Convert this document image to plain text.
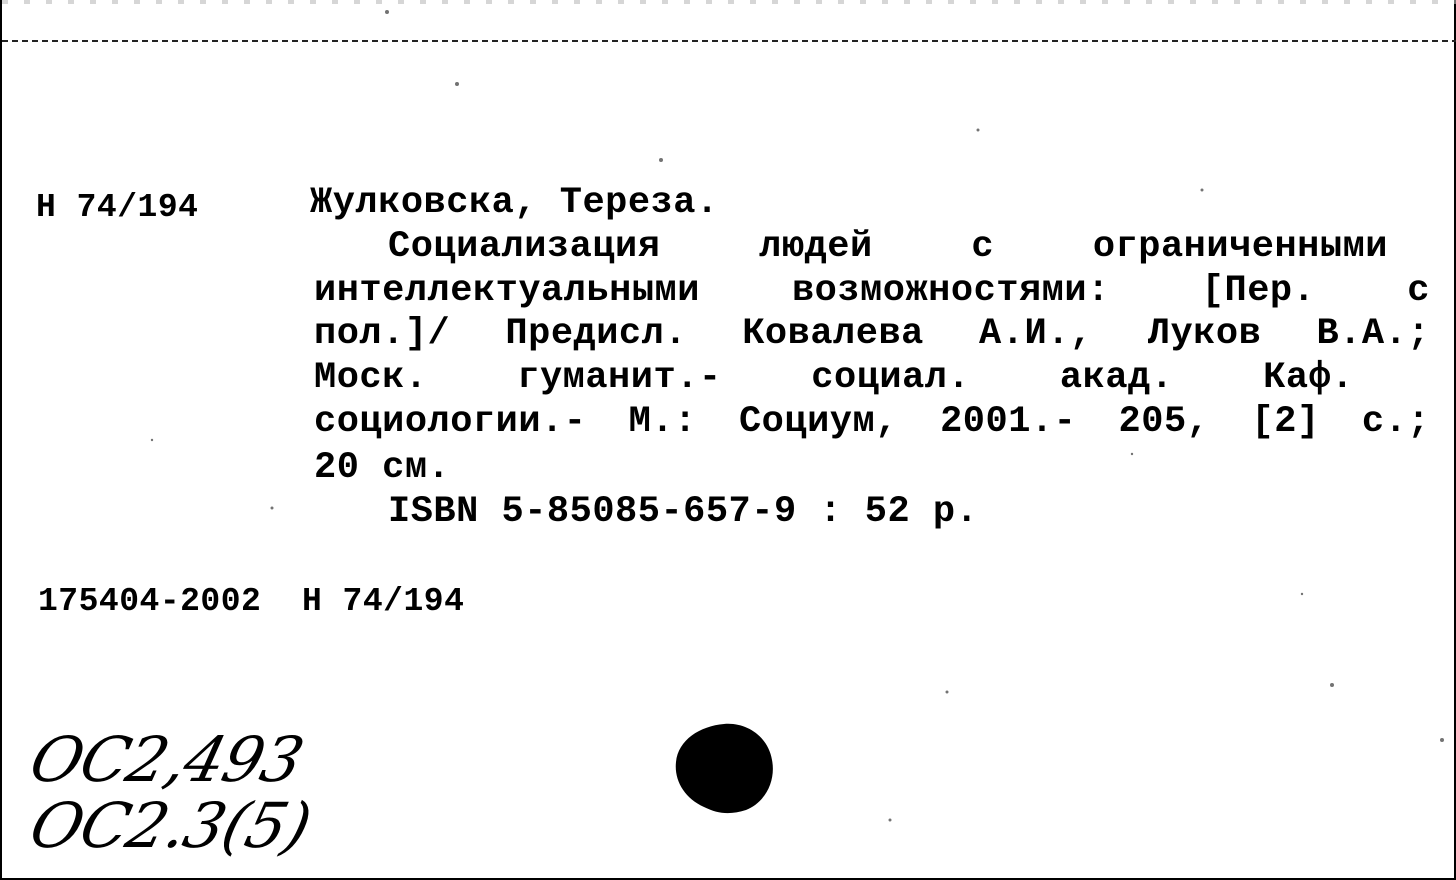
Н 74/194	Жулковска, Тереза.
Социализация людей с ограниченными
интеллектуальными возможностями: [Пер. с
пол.]/ Предисл. Ковалева А.И., Луков В.А.;
Моск. гуманит.- социал. акад. Каф.
социологии.- М.: Социум, 2001.- 205, [2] с.;
20 см.
ISBN 5-85085-657-9 : 52 р.
175404-2002  Н 74/194
ОС2,493
ОС2.3(5)
